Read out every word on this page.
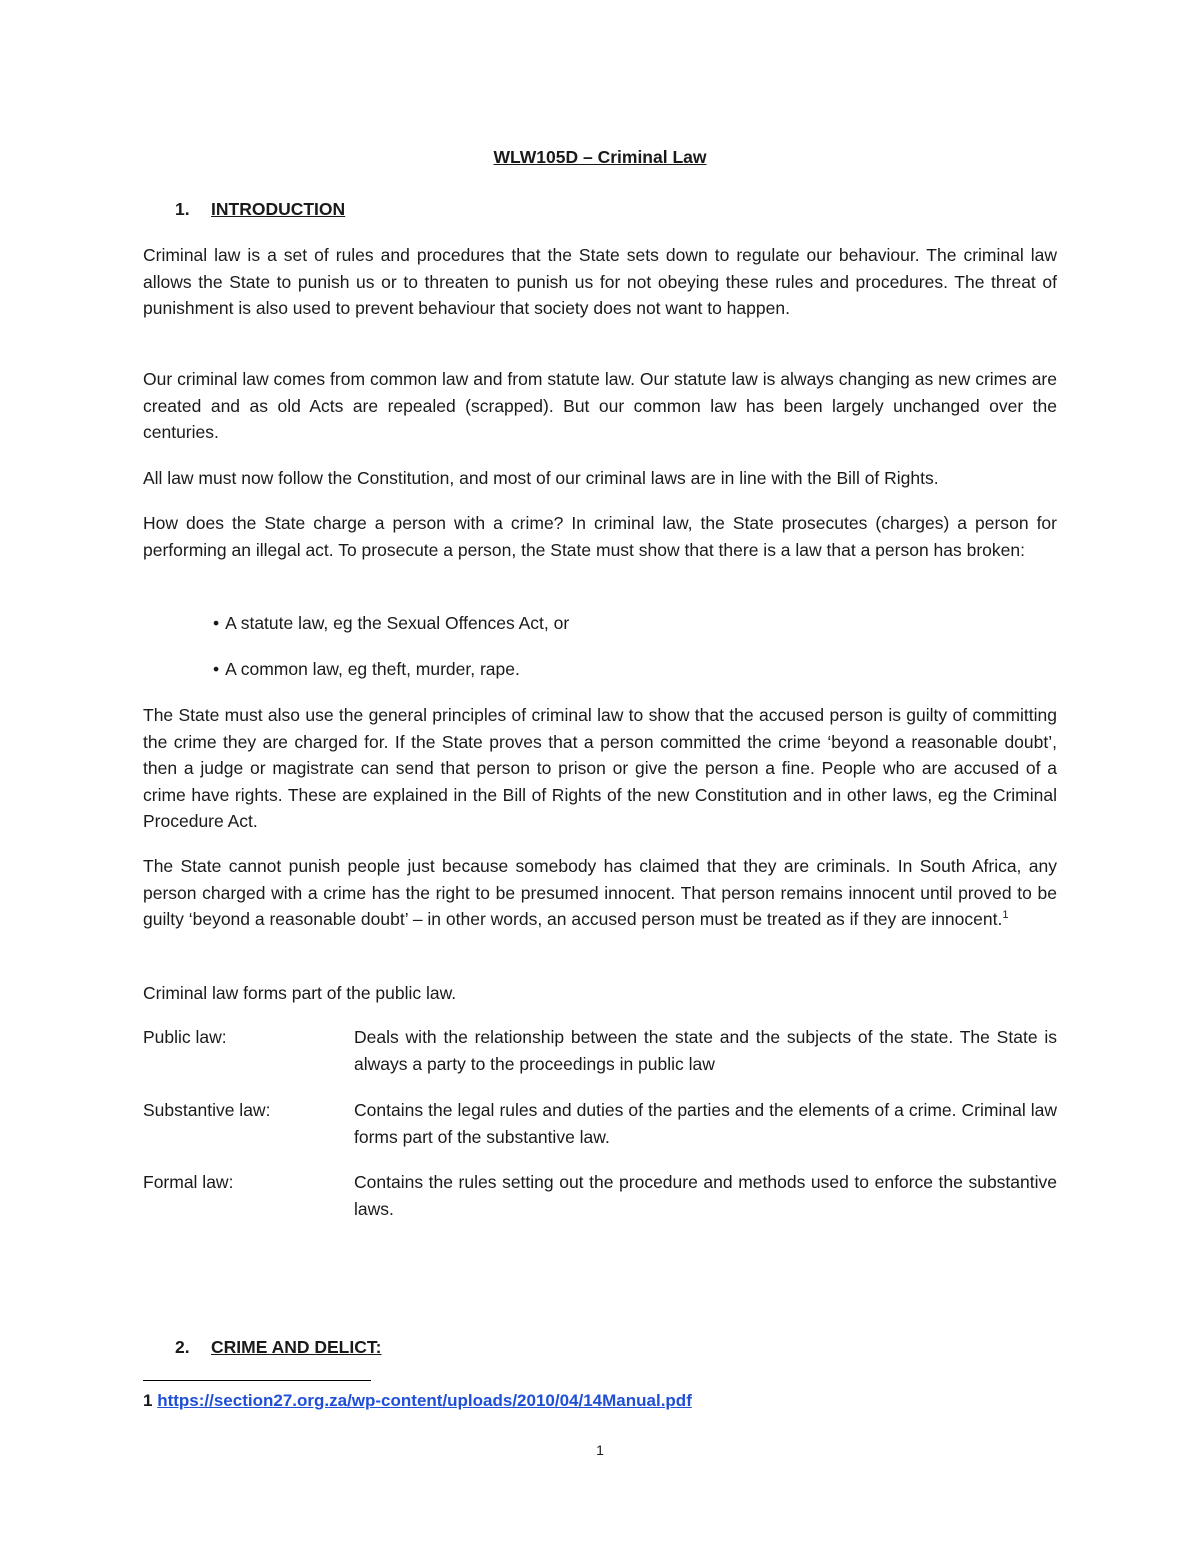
WLW105D – Criminal Law
1. INTRODUCTION

Criminal law is a set of rules and procedures that the State sets down to regulate our behaviour. The criminal law allows the State to punish us or to threaten to punish us for not obeying these rules and procedures. The threat of punishment is also used to prevent behaviour that society does not want to happen.

Our criminal law comes from common law and from statute law. Our statute law is always changing as new crimes are created and as old Acts are repealed (scrapped). But our common law has been largely unchanged over the centuries.

All law must now follow the Constitution, and most of our criminal laws are in line with the Bill of Rights.

How does the State charge a person with a crime? In criminal law, the State prosecutes (charges) a person for performing an illegal act. To prosecute a person, the State must show that there is a law that a person has broken:

• A statute law, eg the Sexual Offences Act, or

• A common law, eg theft, murder, rape.

The State must also use the general principles of criminal law to show that the accused person is guilty of committing the crime they are charged for. If the State proves that a person committed the crime ‘beyond a reasonable doubt’, then a judge or magistrate can send that person to prison or give the person a fine. People who are accused of a crime have rights. These are explained in the Bill of Rights of the new Constitution and in other laws, eg the Criminal Procedure Act.

The State cannot punish people just because somebody has claimed that they are criminals. In South Africa, any person charged with a crime has the right to be presumed innocent. That person remains innocent until proved to be guilty ‘beyond a reasonable doubt’ – in other words, an accused person must be treated as if they are innocent.$^1$

Criminal law forms part of the public law.

Public law:	Deals with the relationship between the state and the subjects of the state. The State is always a party to the proceedings in public law

Substantive law:	Contains the legal rules and duties of the parties and the elements of a crime. Criminal law forms part of the substantive law.

Formal law:	Contains the rules setting out the procedure and methods used to enforce the substantive laws.

2. CRIME AND DELICT:
1 https://section27.org.za/wp-content/uploads/2010/04/14Manual.pdf
1
